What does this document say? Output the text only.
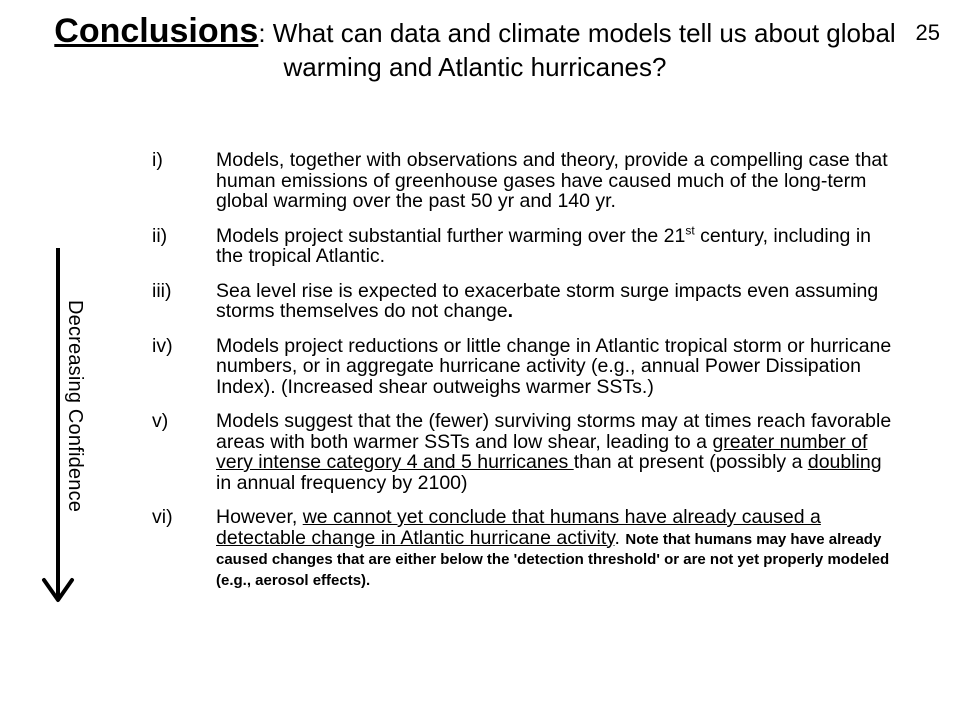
25
Conclusions: What can data and climate models tell us about global warming and Atlantic hurricanes?
Decreasing Confidence
i)	Models, together with observations and theory, provide a compelling case that human emissions of greenhouse gases have caused much of the long-term global warming over the past 50 yr and 140 yr.
ii)	Models project substantial further warming over the 21st century, including in the tropical Atlantic.
iii)	Sea level rise is expected to exacerbate storm surge impacts even assuming storms themselves do not change.
iv)	Models project reductions or little change in Atlantic tropical storm or hurricane numbers, or in aggregate hurricane activity (e.g., annual Power Dissipation Index). (Increased shear outweighs warmer SSTs.)
v)	Models suggest that the (fewer) surviving storms may at times reach favorable areas with both warmer SSTs and low shear, leading to a greater number of very intense category 4 and 5 hurricanes than at present (possibly a doubling in annual frequency by 2100)
vi)	However, we cannot yet conclude that humans have already caused a detectable change in Atlantic hurricane activity. Note that humans may have already caused changes that are either below the 'detection threshold' or are not yet properly modeled (e.g., aerosol effects).
